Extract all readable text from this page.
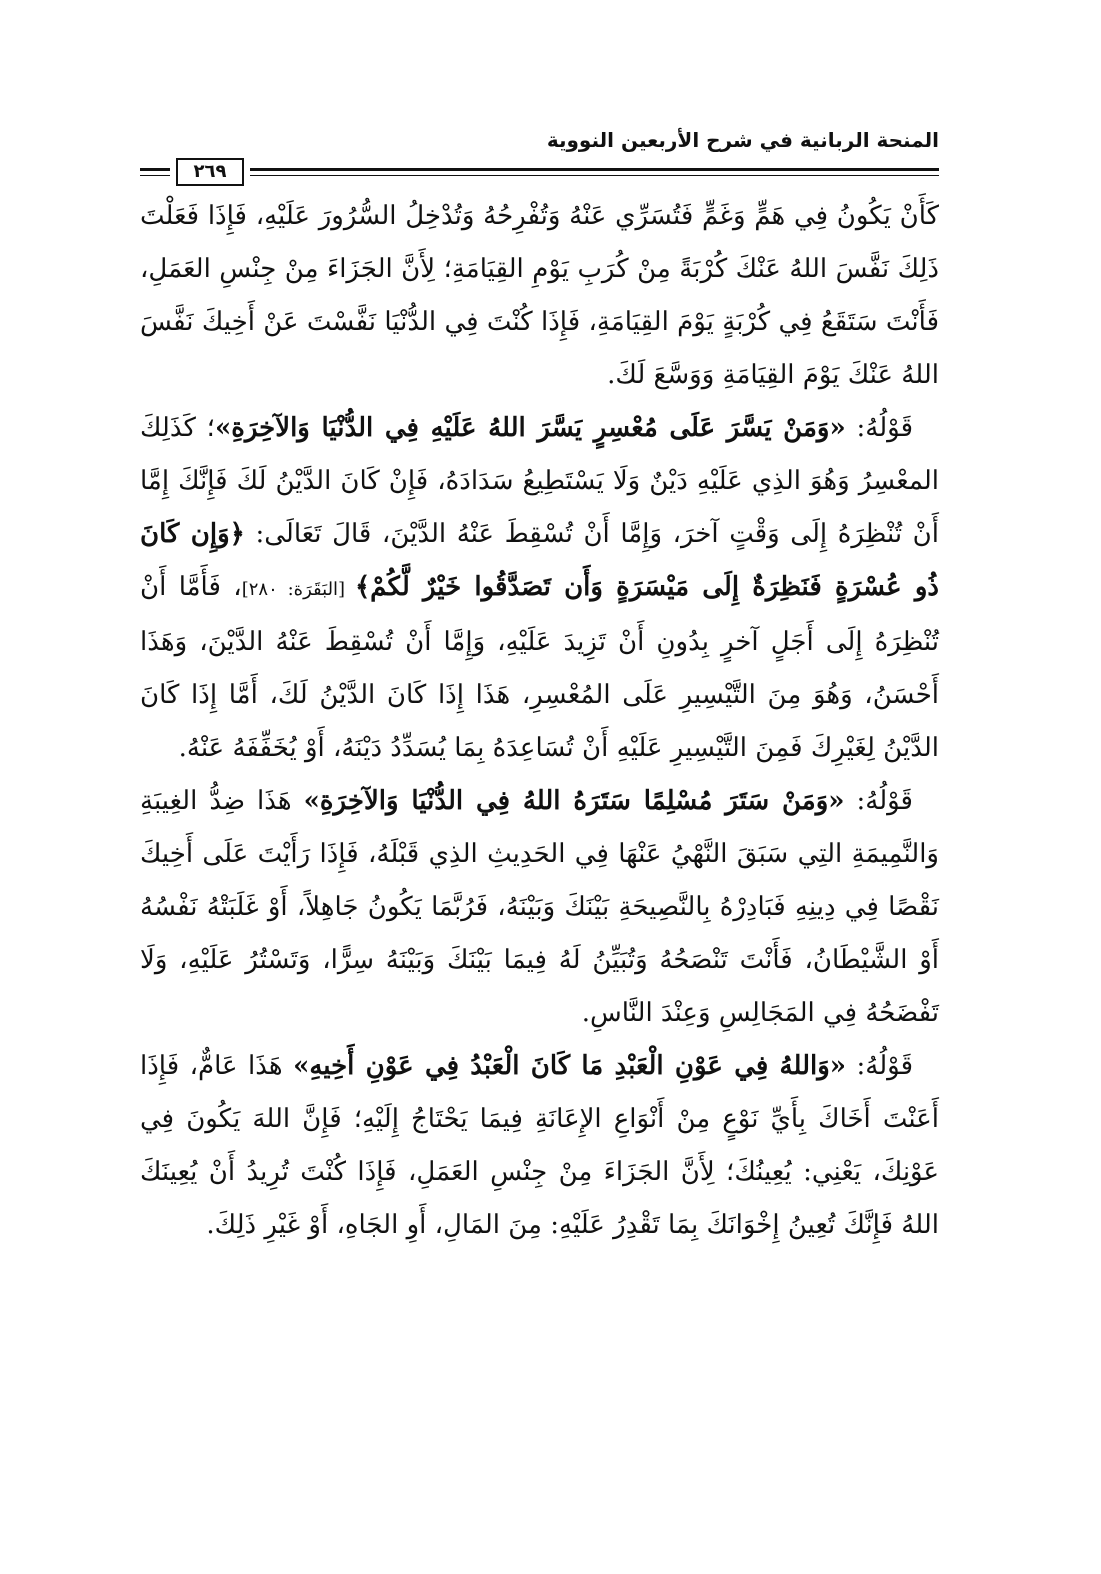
المنحة الربانية في شرح الأربعين النووية
٢٦٩

كَأَنْ يَكُونُ فِي هَمٍّ وَغَمٍّ فَتُسَرِّي عَنْهُ وَتُفْرِحُهُ وَتُدْخِلُ السُّرُورَ عَلَيْهِ، فَإِذَا فَعَلْتَ ذَلِكَ نَفَّسَ اللهُ عَنْكَ كُرْبَةً مِنْ كُرَبِ يَوْمِ القِيَامَةِ؛ لِأَنَّ الجَزَاءَ مِنْ جِنْسِ العَمَلِ، فَأَنْتَ سَتَقَعُ فِي كُرْبَةٍ يَوْمَ القِيَامَةِ، فَإِذَا كُنْتَ فِي الدُّنْيَا نَفَّسْتَ عَنْ أَخِيكَ نَفَّسَ اللهُ عَنْكَ يَوْمَ القِيَامَةِ وَوَسَّعَ لَكَ.

قَوْلُهُ: «وَمَنْ يَسَّرَ عَلَى مُعْسِرٍ يَسَّرَ اللهُ عَلَيْهِ فِي الدُّنْيَا وَالآخِرَةِ»؛ كَذَلِكَ المعْسِرُ وَهُوَ الذِي عَلَيْهِ دَيْنٌ وَلَا يَسْتَطِيعُ سَدَادَهُ، فَإِنْ كَانَ الدَّيْنُ لَكَ فَإِنَّكَ إِمَّا أَنْ تُنْظِرَهُ إِلَى وَقْتٍ آخرَ، وَإِمَّا أَنْ تُسْقِطَ عَنْهُ الدَّيْنَ، قَالَ تَعَالَى: ﴿وَإِن كَانَ ذُو عُسْرَةٍ فَنَظِرَةٌ إِلَى مَيْسَرَةٍ وَأَن تَصَدَّقُوا خَيْرٌ لَّكُمْ﴾ [البَقَرَة: ٢٨٠]، فَأَمَّا أَنْ تُنْظِرَهُ إِلَى أَجَلٍ آخرٍ بِدُونِ أَنْ تَزِيدَ عَلَيْهِ، وَإِمَّا أَنْ تُسْقِطَ عَنْهُ الدَّيْنَ، وَهَذَا أَحْسَنُ، وَهُوَ مِنَ التَّيْسِيرِ عَلَى المُعْسِرِ، هَذَا إِذَا كَانَ الدَّيْنُ لَكَ، أَمَّا إِذَا كَانَ الدَّيْنُ لِغَيْرِكَ فَمِنَ التَّيْسِيرِ عَلَيْهِ أَنْ تُسَاعِدَهُ بِمَا يُسَدِّدُ دَيْنَهُ، أَوْ يُخَفِّفَهُ عَنْهُ.

قَوْلُهُ: «وَمَنْ سَتَرَ مُسْلِمًا سَتَرَهُ اللهُ فِي الدُّنْيَا وَالآخِرَةِ» هَذَا ضِدُّ الغِيبَةِ وَالنَّمِيمَةِ التِي سَبَقَ النَّهْيُ عَنْهَا فِي الحَدِيثِ الذِي قَبْلَهُ، فَإِذَا رَأَيْتَ عَلَى أَخِيكَ نَقْصًا فِي دِينِهِ فَبَادِرْهُ بِالنَّصِيحَةِ بَيْنَكَ وَبَيْنَهُ، فَرُبَّمَا يَكُونُ جَاهِلاً، أَوْ غَلَبَتْهُ نَفْسُهُ أَوْ الشَّيْطَانُ، فَأَنْتَ تَنْصَحُهُ وَتُبَيِّنُ لَهُ فِيمَا بَيْنَكَ وَبَيْنَهُ سِرًّا، وَتَسْتُرُ عَلَيْهِ، وَلَا تَفْضَحُهُ فِي المَجَالِسِ وَعِنْدَ النَّاسِ.

قَوْلُهُ: «وَاللهُ فِي عَوْنِ الْعَبْدِ مَا كَانَ الْعَبْدُ فِي عَوْنِ أَخِيهِ» هَذَا عَامٌّ، فَإِذَا أَعَنْتَ أَخَاكَ بِأَيِّ نَوْعٍ مِنْ أَنْوَاعِ الإِعَانَةِ فِيمَا يَحْتَاجُ إِلَيْهِ؛ فَإِنَّ اللهَ يَكُونَ فِي عَوْنِكَ، يَعْنِي: يُعِينُكَ؛ لِأَنَّ الجَزَاءَ مِنْ جِنْسِ العَمَلِ، فَإِذَا كُنْتَ تُرِيدُ أَنْ يُعِينَكَ اللهُ فَإِنَّكَ تُعِينُ إِخْوَانَكَ بِمَا تَقْدِرُ عَلَيْهِ: مِنَ المَالِ، أَوِ الجَاهِ، أَوْ غَيْرِ ذَلِكَ.
